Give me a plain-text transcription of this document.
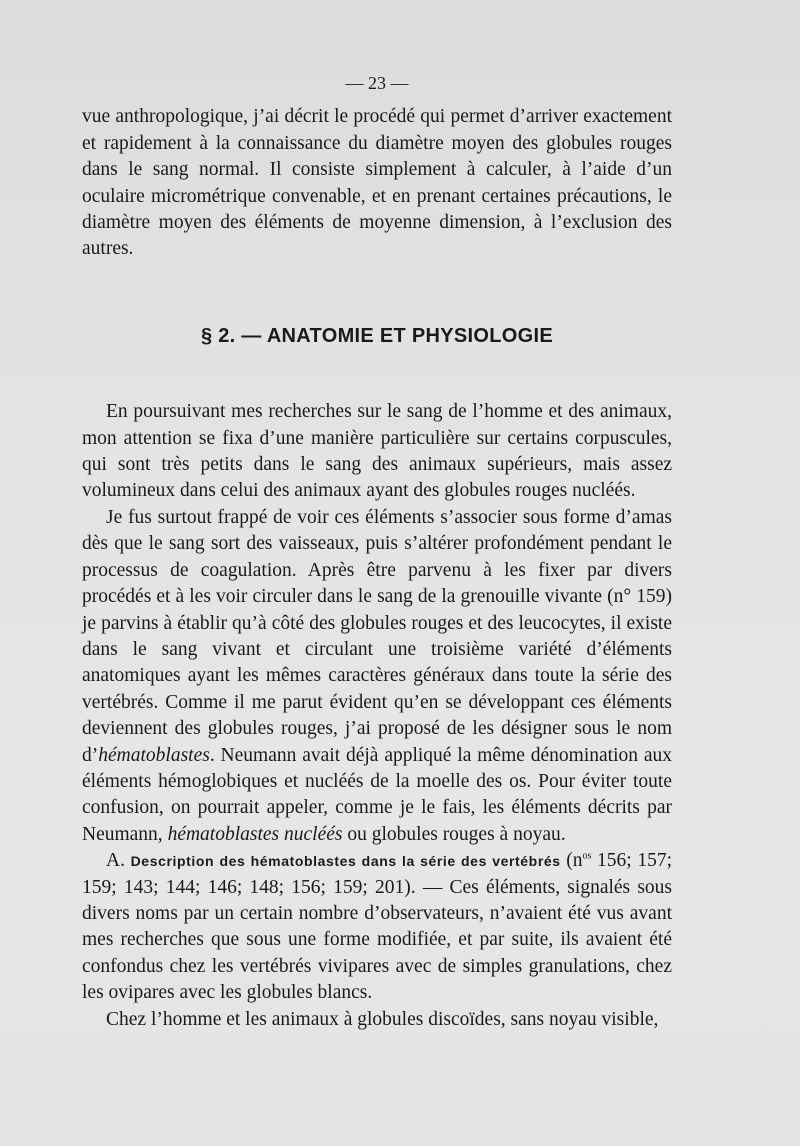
— 23 —

vue anthropologique, j’ai décrit le procédé qui permet d’arriver exactement et rapidement à la connaissance du diamètre moyen des globules rouges dans le sang normal. Il consiste simplement à calculer, à l’aide d’un oculaire micrométrique convenable, et en prenant certaines précautions, le diamètre moyen des éléments de moyenne dimension, à l’exclusion des autres.

§ 2. — ANATOMIE ET PHYSIOLOGIE

En poursuivant mes recherches sur le sang de l’homme et des animaux, mon attention se fixa d’une manière particulière sur certains corpuscules, qui sont très petits dans le sang des animaux supérieurs, mais assez volumineux dans celui des animaux ayant des globules rouges nucléés.

Je fus surtout frappé de voir ces éléments s’associer sous forme d’amas dès que le sang sort des vaisseaux, puis s’altérer profondément pendant le processus de coagulation. Après être parvenu à les fixer par divers procédés et à les voir circuler dans le sang de la grenouille vivante (n° 159) je parvins à établir qu’à côté des globules rouges et des leucocytes, il existe dans le sang vivant et circulant une troisième variété d’éléments anatomiques ayant les mêmes caractères généraux dans toute la série des vertébrés. Comme il me parut évident qu’en se développant ces éléments deviennent des globules rouges, j’ai proposé de les désigner sous le nom d’hématoblastes. Neumann avait déjà appliqué la même dénomination aux éléments hémoglobiques et nucléés de la moelle des os. Pour éviter toute confusion, on pourrait appeler, comme je le fais, les éléments décrits par Neumann, hématoblastes nucléés ou globules rouges à noyau.

A. Description des hématoblastes dans la série des vertébrés ($n^{os}$ 156; 157; 159; 143; 144; 146; 148; 156; 159; 201). — Ces éléments, signalés sous divers noms par un certain nombre d’observateurs, n’avaient été vus avant mes recherches que sous une forme modifiée, et par suite, ils avaient été confondus chez les vertébrés vivipares avec de simples granulations, chez les ovipares avec les globules blancs.

Chez l’homme et les animaux à globules discoïdes, sans noyau visible,
